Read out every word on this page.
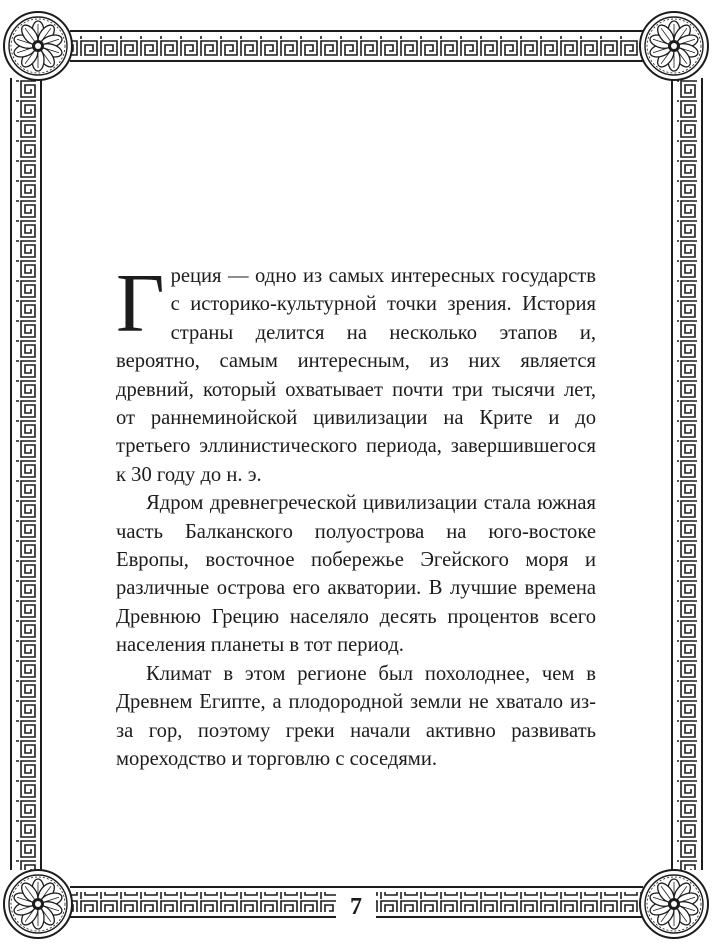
Греция — одно из самых интересных государств с историко-культурной точки зрения. История страны делится на несколько этапов и, вероятно, самым интересным, из них является древний, который охватывает почти три тысячи лет, от раннеминойской цивилизации на Крите и до третьего эллинистического периода, завершившегося к 30 году до н. э.

Ядром древнегреческой цивилизации стала южная часть Балканского полуострова на юго-востоке Европы, восточное побережье Эгейского моря и различные острова его акватории. В лучшие времена Древнюю Грецию населяло десять процентов всего населения планеты в тот период.

Климат в этом регионе был похолоднее, чем в Древнем Египте, а плодородной земли не хватало из-за гор, поэтому греки начали активно развивать мореходство и торговлю с соседями.

7
